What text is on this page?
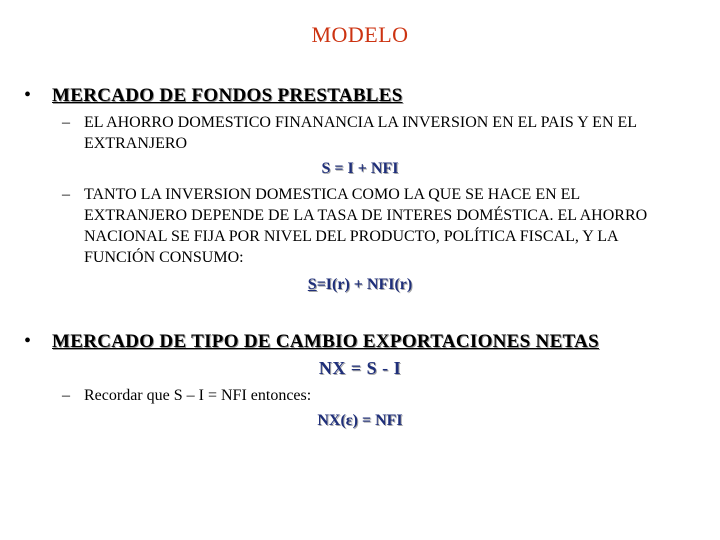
MODELO
•	MERCADO DE FONDOS PRESTABLES
– EL AHORRO DOMESTICO FINANANCIA LA INVERSION EN EL PAIS Y EN EL EXTRANJERO
S = I + NFI
– TANTO LA INVERSION DOMESTICA COMO LA QUE SE HACE EN EL EXTRANJERO DEPENDE DE LA TASA DE INTERES DOMÉSTICA. EL AHORRO NACIONAL SE FIJA POR NIVEL DEL PRODUCTO, POLÍTICA FISCAL, Y LA FUNCIÓN CONSUMO:
S=I(r) + NFI(r)
•	MERCADO DE TIPO DE CAMBIO EXPORTACIONES NETAS
NX = S - I
– Recordar que S – I = NFI entonces:
NX(ε) = NFI
